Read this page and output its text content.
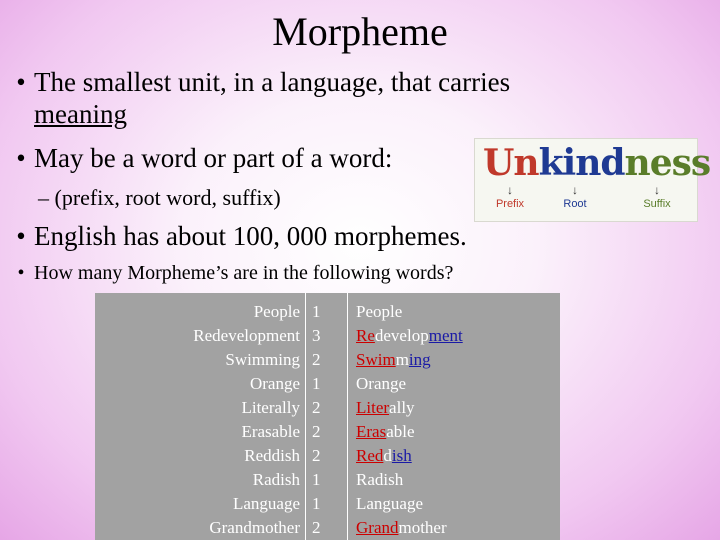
Morpheme
• The smallest unit, in a language, that carries
meaning
• May be a word or part of a word:
– (prefix, root word, suffix)
• English has about 100, 000 morphemes.
• How many Morpheme’s are in the following words?
Unkindness
↓
Prefix
↓
Root
↓
Suffix
People
Redevelopment
Swimming
Orange
Literally
Erasable
Reddish
Radish
Language
Grandmother
1
3
2
1
2
2
2
1
1
2
People
Redevelopment
Swimming
Orange
Literally
Erasable
Reddish
Radish
Language
Grandmother
